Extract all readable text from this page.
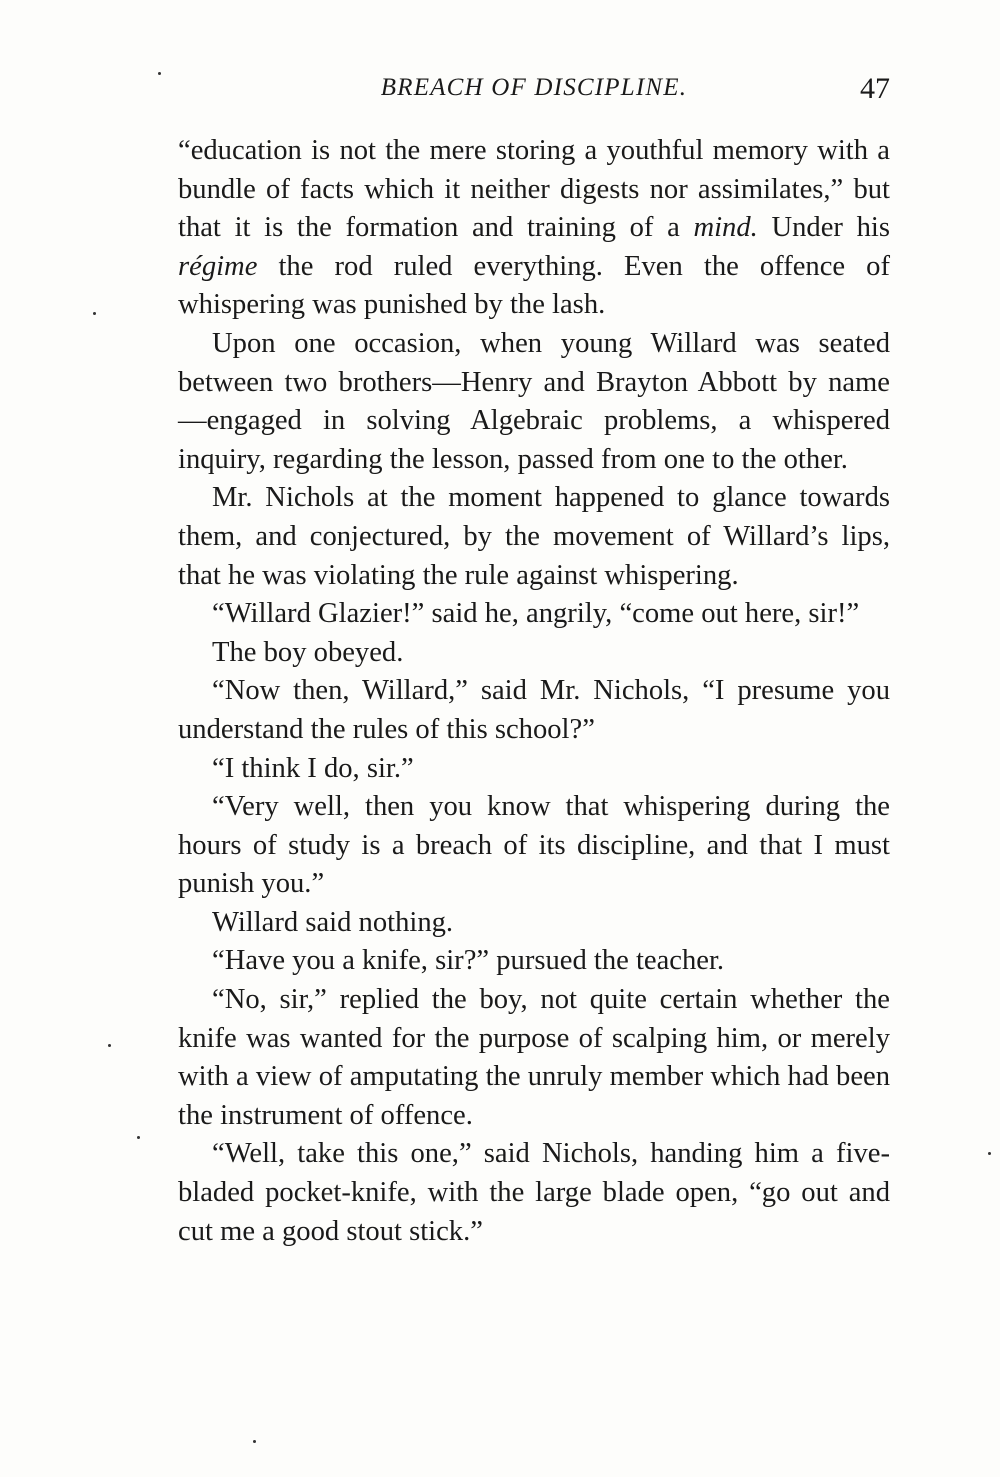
BREACH OF DISCIPLINE.	47

“education is not the mere storing a youthful memory with a bundle of facts which it neither digests nor assimilates,” but that it is the formation and training of a mind. Under his régime the rod ruled everything. Even the offence of whispering was punished by the lash.

Upon one occasion, when young Willard was seated between two brothers—Henry and Brayton Abbott by name—engaged in solving Algebraic problems, a whispered inquiry, regarding the lesson, passed from one to the other.

Mr. Nichols at the moment happened to glance towards them, and conjectured, by the movement of Willard’s lips, that he was violating the rule against whispering.

“Willard Glazier!” said he, angrily, “come out here, sir!”

The boy obeyed.

“Now then, Willard,” said Mr. Nichols, “I presume you understand the rules of this school?”

“I think I do, sir.”

“Very well, then you know that whispering during the hours of study is a breach of its discipline, and that I must punish you.”

Willard said nothing.

“Have you a knife, sir?” pursued the teacher.

“No, sir,” replied the boy, not quite certain whether the knife was wanted for the purpose of scalping him, or merely with a view of amputating the unruly member which had been the instrument of offence.

“Well, take this one,” said Nichols, handing him a five-bladed pocket-knife, with the large blade open, “go out and cut me a good stout stick.”
